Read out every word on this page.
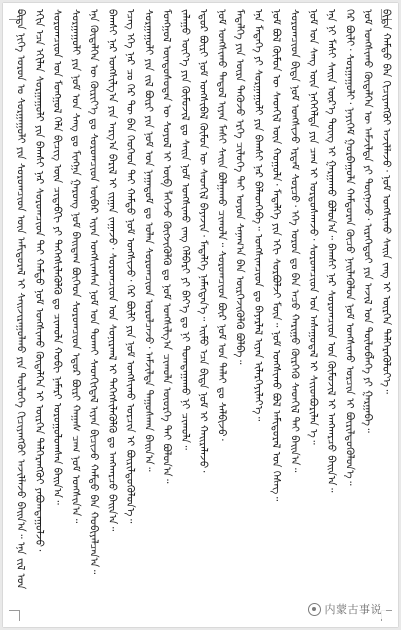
ᠪᠢᠳᠡ ᠨᠢᠭᠡ ᠤᠷᠤᠨ ᠤ ᠰᠤᠷᠭᠠᠭᠤᠯᠢ ᠶᠢᠨ ᠰᠤᠷᠤᠭᠴᠢᠳ ᠦᠨ ᠠᠮᠢᠳᠤᠷᠠᠯ ᠢ ᠰᠠᠢᠵᠢᠷᠠᠭᠤᠯᠬᠤ ᠶᠢᠨ ᠲᠥᠯᠥᠭᠡ ᠬᠢᠴᠢᠶᠡᠩᠭᠦᠢ ᠠᠵᠢᠯᠯᠠᠵᠤ ᠪᠠᠢᠨ᠎ᠠ᠃ ᠡᠨᠡ ᠵᠢᠯ ᠤᠨ ᠡᠬᠢᠨ ᠡᠴᠡ ᠡᠬᠢᠯᠡᠨ ᠰᠤᠷᠭᠠᠭᠤᠯᠢ ᠶᠢᠨ ᠪᠠᠭᠰᠢ ᠨᠠᠷ ᠰᠤᠷᠤᠭᠴᠢᠳ ᠲᠠᠢ ᠬᠠᠮᠲᠤ ᠨᠤᠮ ᠤᠩᠰᠢᠬᠤ ᠬᠥᠳᠡᠯᠭᠡᠨ ᠢ ᠥᠷᠭᠡᠨ ᠳᠡᠯᠭᠡᠷᠡᠩᠭᠦᠢ ᠶᠠᠪᠤᠭᠳᠠᠭᠤᠯᠵᠤ᠂ ᠰᠤᠷᠤᠭᠴᠢᠳ ᠤᠨ ᠮᠣᠩᠭᠣᠯ ᠬᠡᠯᠡ ᠪᠢᠴᠢᠭ ᠦᠨ ᠴᠢᠳᠠᠪᠬᠢ ᠶᠢ ᠳᠡᠭᠡᠭᠰᠢᠯᠡᠭᠦᠯᠬᠦ ᠳᠤ ᠴᠢᠬᠤᠯᠠ ᠬᠤᠪᠢ ᠨᠡᠮᠡᠷᠢ ᠣᠷᠣᠭᠤᠯᠤᠭᠰᠠᠨ ᠪᠠᠢᠨ᠎ᠠ᠃ ᠰᠤᠷᠭᠠᠭᠤᠯᠢ ᠶᠢᠨ ᠨᠤᠮ ᠤᠨ ᠰᠠᠩ ᠳᠤ ᠮᠢᠩᠭᠠ ᠭᠠᠷᠤᠩ ᠨᠤᠮ ᠪᠠᠢᠳᠠᠭ ᠪᠥᠭᠡᠳ ᠰᠤᠷᠤᠭᠴᠢᠳ ᠡᠳᠦᠷ ᠪᠦᠷᠢ ᠬᠠᠭᠠᠰ ᠴᠠᠭ ᠨᠤᠮ ᠤᠩᠰᠢᠨ᠎ᠠ᠃ ᠡᠨᠡ ᠬᠥᠳᠡᠯᠭᠡᠨ ᠦ ᠬᠦᠷᠢᠶ᠎ᠡ ᠳᠤ ᠰᠤᠷᠤᠭᠴᠢᠳ ᠥᠪᠡᠷ ᠢᠶᠡᠨ ᠤᠩᠰᠢᠭᠰᠠᠨ ᠨᠤᠮ ᠤᠨ ᠲᠤᠬᠠᠢ ᠰᠡᠳᠬᠢᠭᠳᠡᠯ ᠢᠶᠡᠨ ᠪᠢᠴᠢᠵᠦ ᠬᠠᠮᠲᠤ ᠪᠡᠨ ᠬᠤᠪᠢᠶᠠᠯᠴᠠᠨ᠎ᠠ᠃ ᠪᠠᠭᠰᠢ ᠨᠠᠷ ᠤᠩᠰᠢᠯᠭ᠎ᠠ ᠶᠢᠨ ᠠᠷᠭ᠎ᠠ ᠪᠠᠷᠢᠯ ᠢ ᠵᠢᠭᠠᠨ ᠵᠠᠭᠠᠵᠤ᠂ ᠰᠤᠷᠤᠭᠴᠢᠳ ᠤᠨ ᠰᠣᠨᠢᠷᠬᠠᠯ ᠢ ᠳᠡᠭᠡᠭᠰᠢᠯᠡᠭᠦᠯᠬᠦ ᠳᠤ ᠠᠩᠬᠠᠷᠴᠤ ᠪᠠᠢᠨ᠎ᠠ᠃ ᠡᠴᠡᠭ ᠡᠬᠡ ᠨᠠᠷ ᠴᠤ ᠭᠡᠷ ᠲᠦ ᠪᠡᠨ ᠬᠡᠦᠬᠡᠳ ᠲᠡᠢ ᠬᠠᠮᠲᠤ ᠨᠤᠮ ᠤᠩᠰᠢᠵᠤ᠂ ᠭᠡᠷ ᠪᠦᠯᠢ ᠶᠢᠨ ᠨᠤᠮ ᠤᠩᠰᠢᠬᠤ ᠤᠷᠴᠢᠨ ᠢ ᠪᠦᠷᠢᠯᠳᠦᠭᠦᠯᠦᠨ᠎ᠡ᠃ ᠰᠤᠷᠭᠠᠭᠤᠯᠢ ᠶᠢᠨ ᠵᠢᠯ ᠪᠦᠷᠢ ᠶᠢᠨ ᠨᠤᠮ ᠤᠨ ᠨᠠᠭᠠᠳᠤᠮ ᠳᠤ ᠤᠯᠠᠨ ᠰᠤᠷᠤᠭᠴᠢᠳ ᠣᠷᠣᠯᠴᠠᠵᠤ᠂ ᠠᠮᠵᠢᠯᠲᠠ ᠳᠠᠭᠤᠰᠬᠠᠨ ᠪᠠᠢᠨ᠎ᠠ᠃ ᠮᠣᠩᠭᠣᠯ ᠦᠨᠳᠦᠰᠦᠲᠡᠨ ᠦ ᠰᠣᠶᠣᠯ ᠢ ᠥᠪ ᠯᠡᠭᠡᠵᠦ ᠬᠥᠭᠵᠢᠭᠦᠯᠬᠦ ᠳᠤ ᠨᠤᠮ ᠤᠩᠰᠢᠯᠭ᠎ᠠ ᠴᠢᠬᠤᠯᠠ ᠦᠦᠷᠭᠡ ᠲᠡᠢ ᠪᠣᠯᠤᠨ᠎ᠠ᠃ ᠵᠠᠯᠠᠭᠤ ᠦᠶ᠎ᠡ ᠶᠢᠨ ᠬᠦᠮᠦᠵᠢᠯ ᠳᠤ ᠰᠠᠢᠨ ᠨᠤᠮ ᠤᠩᠰᠢᠬᠤ ᠵᠠᠩ ᠬᠡᠯᠪᠡᠷᠢ ᠶᠢ ᠪᠡᠶ᠎ᠡ ᠳᠤ ᠨᠢ ᠲᠣᠭᠲᠠᠭᠠᠬᠤ ᠨᠢ ᠴᠢᠬᠤᠯᠠ᠃ ᠡᠳᠦᠷ ᠪᠦᠷᠢ ᠨᠤᠮ ᠤᠩᠰᠢᠪᠠᠯ ᠬᠦᠮᠦᠨ ᠦ ᠰᠡᠳᠬᠢᠯ ᠪᠠᠶᠠᠵᠢᠨ᠂ ᠮᠡᠳᠡᠯᠭᠡ ᠨᠡᠮᠡᠭᠳᠡᠨ᠎ᠡ᠃ ᠡᠢᠮᠤ ᠡᠴᠡ ᠪᠢᠳᠡ ᠨᠤᠮ ᠢ ᠬᠠᠢᠷᠠᠯᠠᠵᠤ᠂ ᠨᠤᠮ ᠤᠩᠰᠢᠬᠤ ᠳᠠᠳᠤᠯ ᠢᠶᠠᠨ ᠮᠠᠰᠢ ᠰᠠᠢᠨ ᠪᠣᠯᠭᠠᠬᠤ ᠴᠢᠬᠤᠯᠠ᠃ ᠰᠤᠷᠤᠭᠴᠢᠳ ᠪᠦᠷ ᠨᠤᠮ ᠤᠨ ᠳᠠᠯᠠᠢ ᠳᠤ ᠰᠡᠯᠪᠢᠵᠦ᠂ ᠮᠡᠳᠡᠯᠭᠡ ᠶᠢᠨ ᠦᠷᠡ ᠲᠡᠭᠦᠵᠦ ᠡᠷᠬᠡ ᠴᠢᠯᠦᠭᠡ ᠲᠡᠢ ᠣᠶᠤᠨ ᠰᠠᠨᠠᠭ᠎ᠠ ᠪᠠᠨ ᠥᠷᠭᠡᠵᠢᠭᠦᠯᠬᠦ ᠪᠣᠯᠪᠠ᠃ ᠡᠨᠡ ᠮᠡᠳᠡᠭᠡ ᠶᠢ ᠰᠤᠷᠭᠠᠭᠤᠯᠢ ᠶᠢᠨ ᠪᠠᠭᠰᠢ ᠨᠠᠷ ᠪᠡᠯᠡᠳᠬᠡᠪᠡ᠃ ᠤᠩᠰᠢᠭᠴᠢᠳ ᠳᠤ ᠪᠠᠶᠠᠷᠯᠠᠯ ᠢᠶᠠᠨ ᠢᠯᠡᠷᠬᠡᠶᠢᠯᠡᠶ᠎ᠡ᠃ ᠨᠤᠮ ᠪᠣᠯ ᠬᠦᠮᠦᠨ ᠦ ᠰᠡᠳᠬᠢᠯ ᠦᠨ ᠬᠣᠭᠤᠯᠠ᠂ ᠮᠡᠳᠡᠯᠭᠡ ᠶᠢᠨ ᠡᠬᠢ ᠰᠤᠷᠪᠤᠯᠵᠢ ᠮᠥᠨ᠃ ᠨᠤᠮ ᠤᠩᠰᠢᠬᠤ ᠪᠣᠯ ᠠᠮᠢᠳᠤᠷᠠᠯ ᠤᠨ ᠬᠡᠰᠡᠭ᠃ ᠰᠤᠷᠤᠭᠴᠢᠳ ᠪᠢᠳᠡ ᠨᠤᠮ ᠤᠩᠰᠢᠵᠤ ᠡᠷᠳᠡᠮ ᠰᠤᠷᠴᠤ᠂ ᠡᠬᠡ ᠣᠷᠣᠨ ᠳᠤ ᠪᠠᠨ ᠠᠴᠤ ᠬᠠᠷᠢᠭᠤ ᠬᠦᠷᠭᠡᠬᠦ ᠰᠡᠳᠬᠢᠯ ᠲᠡᠢ ᠪᠠᠢᠨ᠎ᠠ᠃ ᠨᠤᠮ ᠤᠨ ᠰᠠᠩ ᠦᠨ ᠨᠡᠭᠡᠭᠡᠯᠲᠡ ᠶᠢᠨ ᠴᠠᠭ ᠢ ᠤᠷᠲᠤᠰᠬᠠᠵᠤ᠂ ᠰᠤᠷᠤᠭᠴᠢᠳ ᠤᠨ ᠠᠰᠠᠭᠤᠳᠠᠯ ᠢ ᠰᠢᠢᠳᠪᠦᠷᠢᠯᠡᠨ ᠡ᠃ ᠡᠨᠡ ᠨᠢ ᠮᠠᠰᠢ ᠰᠠᠢᠨ ᠦᠷ᠎ᠡ ᠳᠦᠩ ᠢ ᠭᠠᠷᠭᠠᠬᠤ ᠪᠣᠯᠤᠨ᠎ᠠ᠃ ᠪᠠᠭᠰᠢ ᠨᠠᠷ ᠰᠤᠷᠤᠭᠴᠢᠳ ᠤᠨ ᠬᠦᠮᠦᠵᠢᠯ ᠢ ᠠᠩᠬᠠᠷᠴᠤ ᠪᠠᠢᠨ᠎ᠠ᠃ ᠭᠡᠷ ᠪᠦᠯᠢ᠂ ᠰᠤᠷᠭᠠᠭᠤᠯᠢ᠂ ᠨᠡᠶᠢᠭᠡᠮ ᠭᠤᠷᠪᠠᠭᠤᠯᠠ ᠬᠠᠮᠲᠤᠷᠠᠨ ᠬᠦᠴᠦ ᠨᠡᠢᠯᠡᠭᠦᠯᠦᠨ ᠨᠤᠮ ᠤᠩᠰᠢᠬᠤ ᠣᠷᠴᠢᠨ ᠢ ᠪᠦᠷᠢᠯᠳᠦᠭᠦᠯᠦᠨ᠎ᠡ᠃ ᠨᠤᠮ ᠤᠩᠰᠢᠬᠤ ᠬᠥᠳᠡᠯᠭᠡᠨ ᠦ ᠠᠮᠵᠢᠯᠲᠠ ᠶᠢ ᠳᠦᠭᠨᠡᠵᠦ᠂ ᠢᠷᠡᠭᠡᠳᠦᠢ ᠶᠢᠨ ᠠᠵᠢᠯ ᠤᠨ ᠲᠥᠯᠥᠪᠯᠡᠭᠡ ᠶᠢ ᠭᠠᠷᠭᠠᠪᠠ᠃ ᠪᠢᠳᠡ ᠬᠠᠮᠲᠤ ᠪᠡᠨ ᠬᠢᠴᠢᠶᠡᠩᠭᠦᠢ ᠠᠵᠢᠯᠯᠠᠵᠤ᠂ ᠨᠤᠮ ᠤᠩᠰᠢᠬᠤ ᠰᠠᠢᠨ ᠵᠠᠩ ᠢ ᠥᠷᠭᠡᠨ ᠳᠡᠯᠭᠡᠷᠡᠭᠦᠯᠦᠶ᠎ᠡ᠃
内蒙古事说
